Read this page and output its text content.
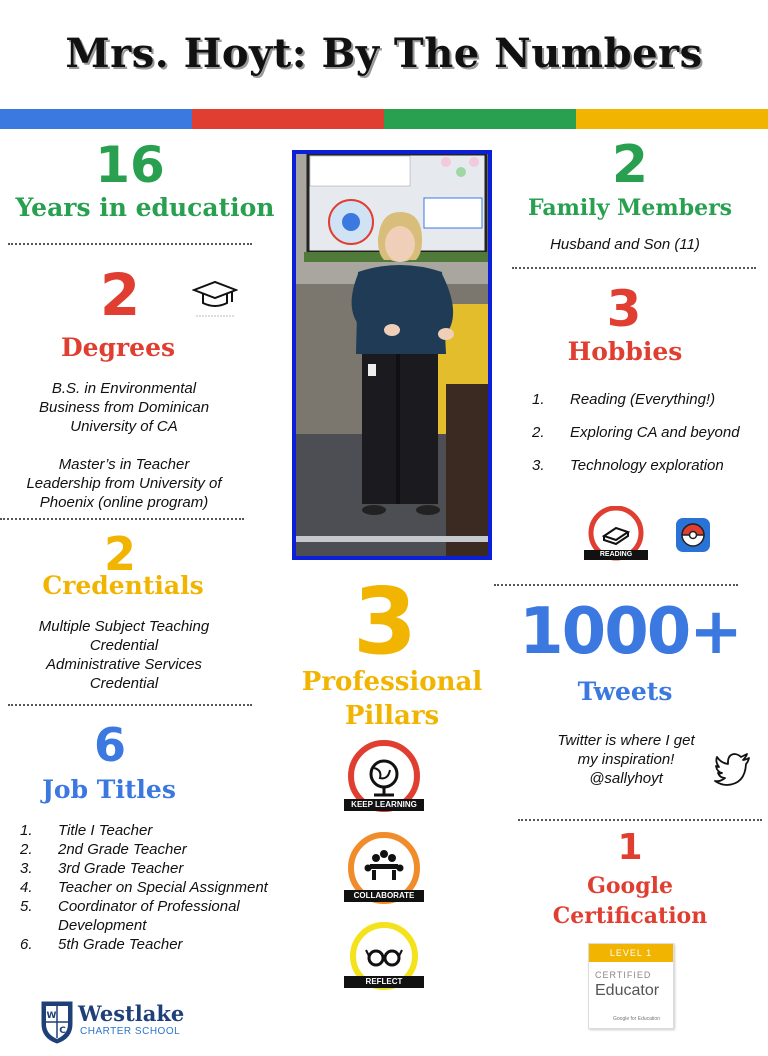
Mrs. Hoyt: By The Numbers
16
Years in education
2
Degrees
B.S. in Environmental
Business from Dominican
University of CA
Master’s in Teacher
Leadership from University of
Phoenix (online program)
2
Credentials
Multiple Subject Teaching
Credential
Administrative Services
Credential
6
Job Titles
1. Title I Teacher
2. 2nd Grade Teacher
3. 3rd Grade Teacher
4. Teacher on Special Assignment
5. Coordinator of Professional Development
6. 5th Grade Teacher
W
C
Westlake
CHARTER SCHOOL
3
Professional
Pillars
KEEP LEARNING
COLLABORATE
REFLECT
2
Family Members
Husband and Son (11)
3
Hobbies
1. Reading (Everything!)
2. Exploring CA and beyond
3. Technology exploration
READING
1000+
Tweets
Twitter is where I get
my inspiration!
@sallyhoyt
1
Google
Certification
LEVEL 1
CERTIFIED
Educator
Google for Education
